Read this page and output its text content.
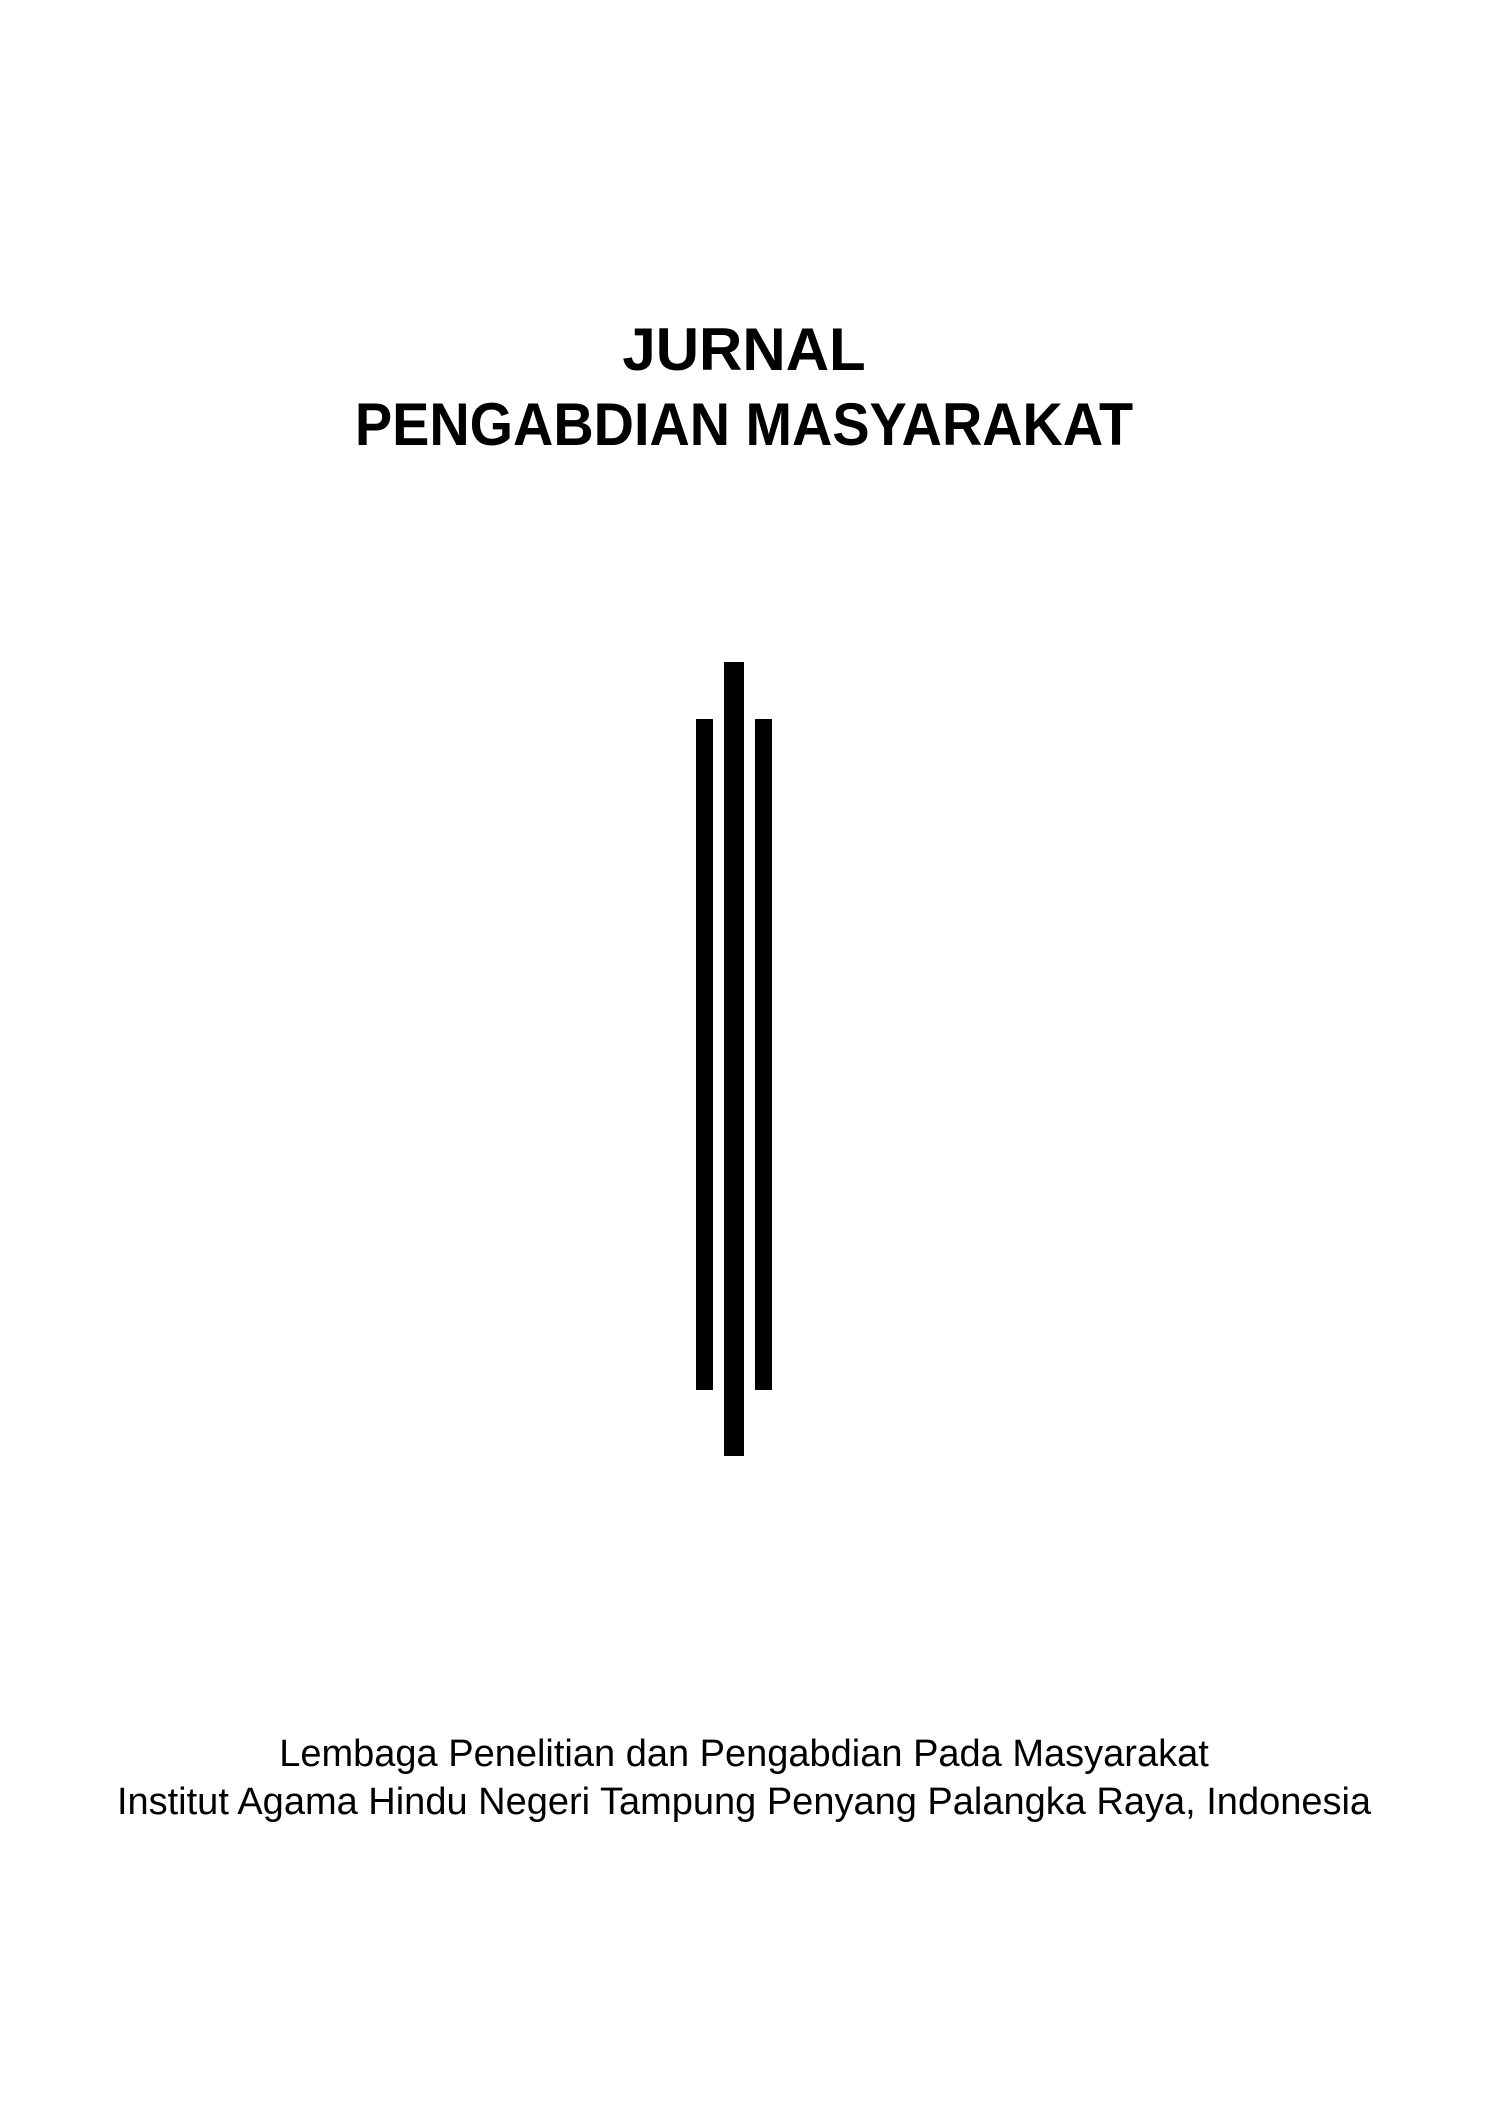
JURNAL
PENGABDIAN MASYARAKAT
Lembaga Penelitian dan Pengabdian Pada Masyarakat
Institut Agama Hindu Negeri Tampung Penyang Palangka Raya, Indonesia
